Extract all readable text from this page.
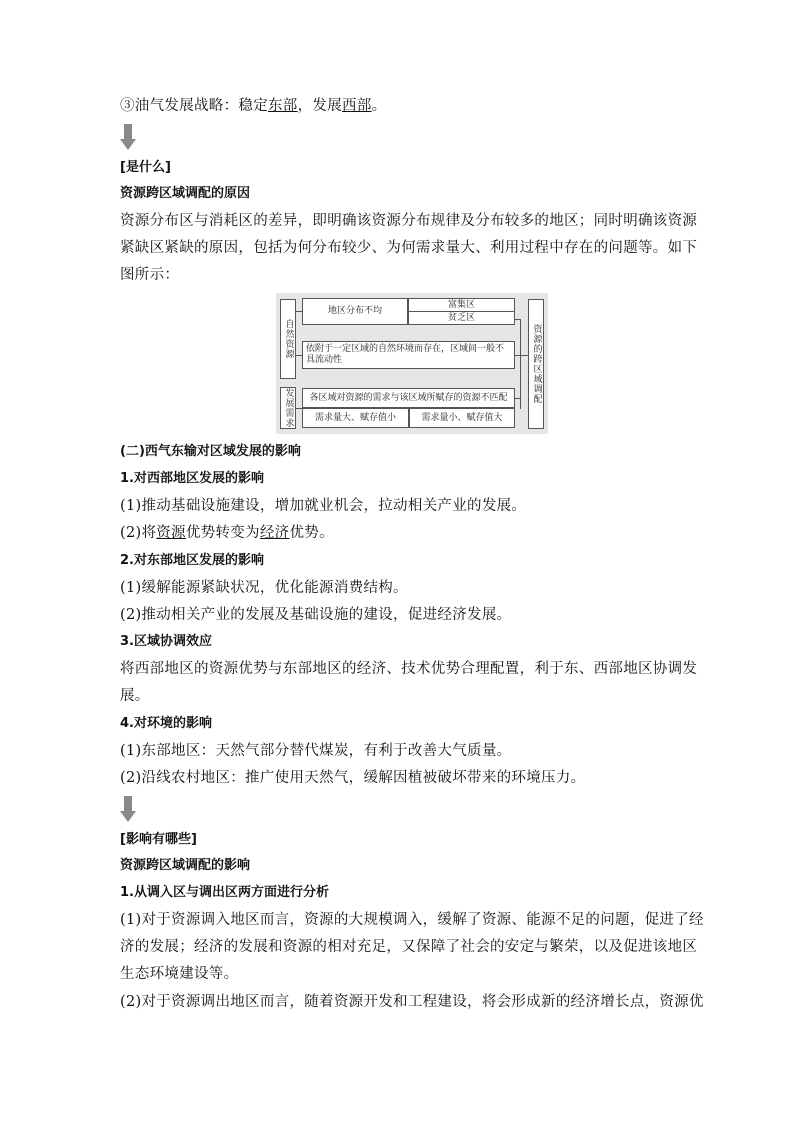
③油气发展战略：稳定东部，发展西部。
[是什么]
资源跨区域调配的原因
资源分布区与消耗区的差异，即明确该资源分布规律及分布较多的地区；同时明确该资源
紧缺区紧缺的原因，包括为何分布较少、为何需求量大、利用过程中存在的问题等。如下
图所示：
自然资源
地区分布不均
富集区
贫乏区
依附于一定区域的自然环境而存在，区域间一般不具流动性
发展需求	各区域对资源的需求与该区域所赋存的资源不匹配
需求量大、赋存值小	需求量小、赋存值大
资源的跨区域调配
(二)西气东输对区域发展的影响
1.对西部地区发展的影响
(1)推动基础设施建设，增加就业机会，拉动相关产业的发展。
(2)将资源优势转变为经济优势。
2.对东部地区发展的影响
(1)缓解能源紧缺状况，优化能源消费结构。
(2)推动相关产业的发展及基础设施的建设，促进经济发展。
3.区域协调效应
将西部地区的资源优势与东部地区的经济、技术优势合理配置，利于东、西部地区协调发
展。
4.对环境的影响
(1)东部地区：天然气部分替代煤炭，有利于改善大气质量。
(2)沿线农村地区：推广使用天然气，缓解因植被破坏带来的环境压力。
[影响有哪些]
资源跨区域调配的影响
1.从调入区与调出区两方面进行分析
(1)对于资源调入地区而言，资源的大规模调入，缓解了资源、能源不足的问题，促进了经
济的发展；经济的发展和资源的相对充足，又保障了社会的安定与繁荣，以及促进该地区
生态环境建设等。
(2)对于资源调出地区而言，随着资源开发和工程建设，将会形成新的经济增长点，资源优
